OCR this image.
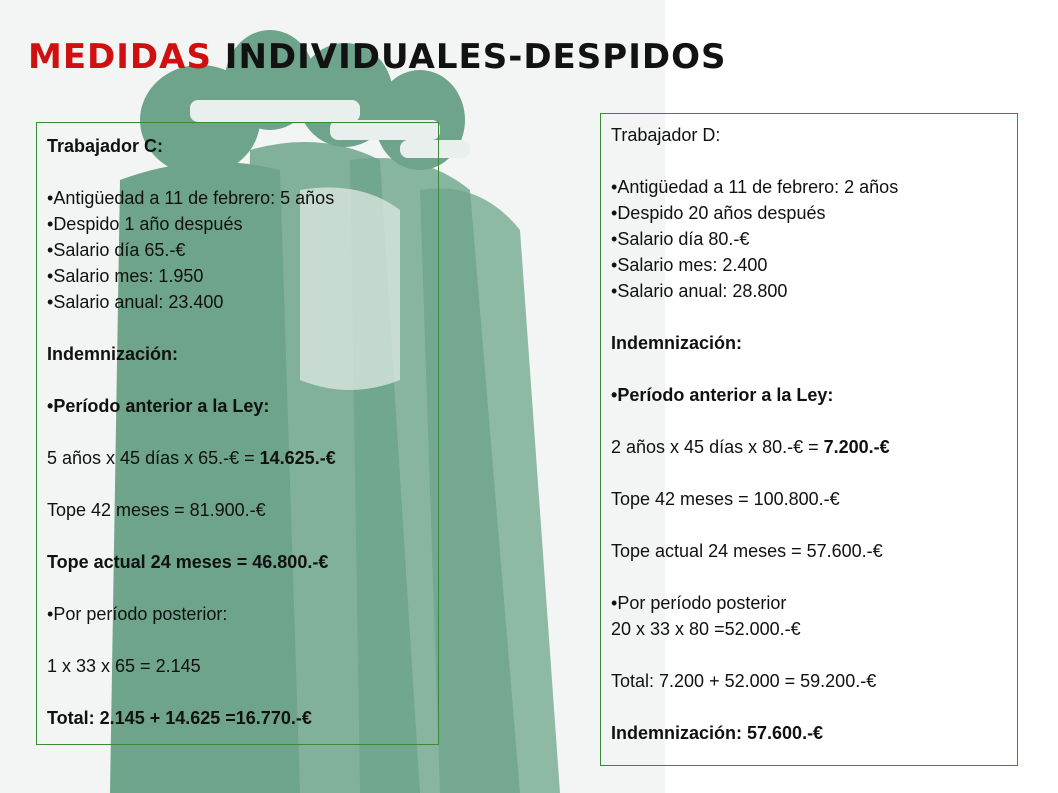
MEDIDAS INDIVIDUALES-DESPIDOS

Trabajador C:

• Antigüedad a 11 de febrero: 5 años

• Despido 1 año después

• Salario día 65.-€

• Salario mes: 1.950

• Salario anual: 23.400

Indemnización:

• Período anterior a la Ley:

5 años x 45 días x 65.-€ = 14.625.-€

Tope 42 meses = 81.900.-€

Tope actual 24 meses = 46.800.-€

• Por período posterior:

1 x 33 x 65 = 2.145

Total: 2.145 + 14.625 =16.770.-€

Trabajador D:

• Antigüedad a 11 de febrero: 2 años

• Despido 20 años después

• Salario día 80.-€

• Salario mes: 2.400

• Salario anual: 28.800

Indemnización:

• Período anterior a la Ley:

2 años x 45 días x 80.-€ = 7.200.-€

Tope 42 meses = 100.800.-€

Tope actual 24 meses = 57.600.-€

• Por período posterior

20 x 33 x 80 =52.000.-€

Total: 7.200 + 52.000 = 59.200.-€

Indemnización: 57.600.-€
